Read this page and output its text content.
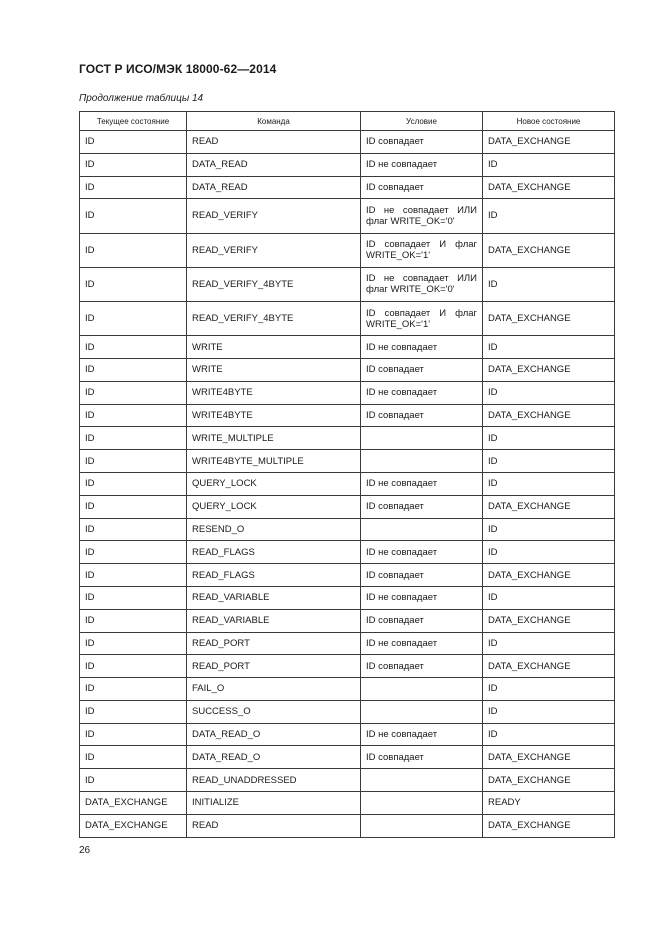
ГОСТ Р ИСО/МЭК 18000-62—2014
Продолжение таблицы 14
Текущее состояние	Команда	Условие	Новое состояние
ID	READ	ID совпадает	DATA_EXCHANGE
ID	DATA_READ	ID не совпадает	ID
ID	DATA_READ	ID совпадает	DATA_EXCHANGE
ID	READ_VERIFY	ID не совпадает ИЛИ флаг WRITE_OK='0'	ID
ID	READ_VERIFY	ID совпадает И флаг WRITE_OK='1'	DATA_EXCHANGE
ID	READ_VERIFY_4BYTE	ID не совпадает ИЛИ флаг WRITE_OK='0'	ID
ID	READ_VERIFY_4BYTE	ID совпадает И флаг WRITE_OK='1'	DATA_EXCHANGE
ID	WRITE	ID не совпадает	ID
ID	WRITE	ID совпадает	DATA_EXCHANGE
ID	WRITE4BYTE	ID не совпадает	ID
ID	WRITE4BYTE	ID совпадает	DATA_EXCHANGE
ID	WRITE_MULTIPLE		ID
ID	WRITE4BYTE_MULTIPLE		ID
ID	QUERY_LOCK	ID не совпадает	ID
ID	QUERY_LOCK	ID совпадает	DATA_EXCHANGE
ID	RESEND_O		ID
ID	READ_FLAGS	ID не совпадает	ID
ID	READ_FLAGS	ID совпадает	DATA_EXCHANGE
ID	READ_VARIABLE	ID не совпадает	ID
ID	READ_VARIABLE	ID совпадает	DATA_EXCHANGE
ID	READ_PORT	ID не совпадает	ID
ID	READ_PORT	ID совпадает	DATA_EXCHANGE
ID	FAIL_O		ID
ID	SUCCESS_O		ID
ID	DATA_READ_O	ID не совпадает	ID
ID	DATA_READ_O	ID совпадает	DATA_EXCHANGE
ID	READ_UNADDRESSED		DATA_EXCHANGE
DATA_EXCHANGE	INITIALIZE		READY
DATA_EXCHANGE	READ		DATA_EXCHANGE
26
